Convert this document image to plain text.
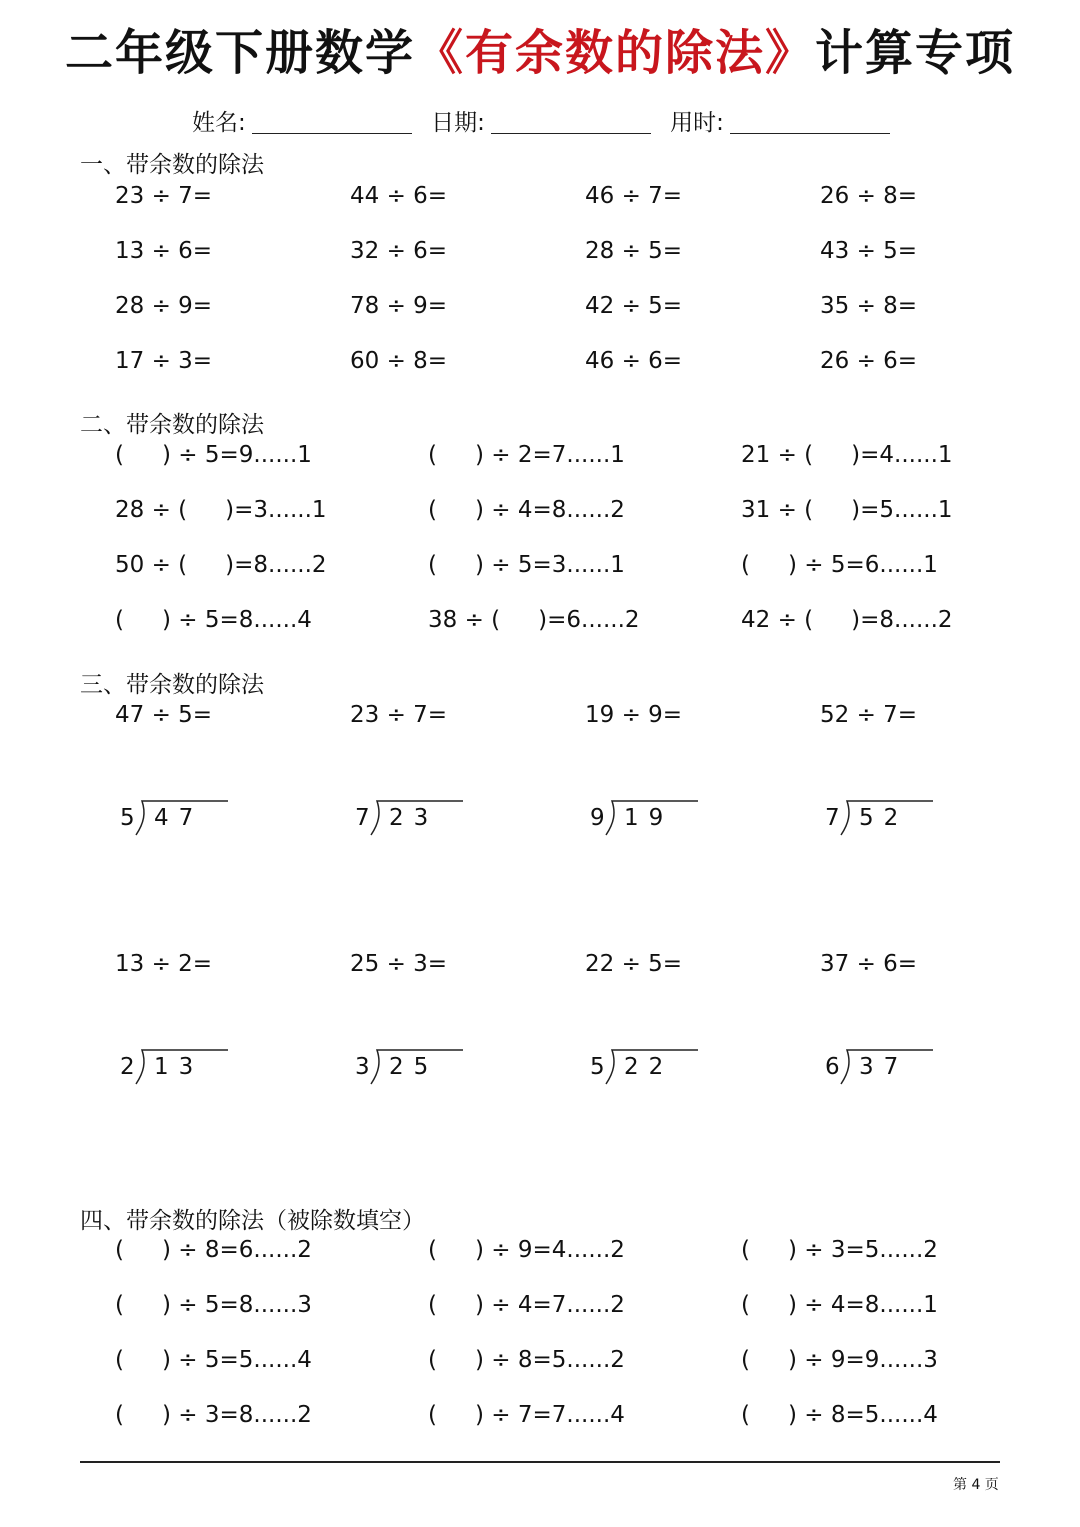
二年级下册数学《有余数的除法》计算专项
姓名:	日期:	用时:
一、带余数的除法
23 ÷ 7=	44 ÷ 6=	46 ÷ 7=	26 ÷ 8=
13 ÷ 6=	32 ÷ 6=	28 ÷ 5=	43 ÷ 5=
28 ÷ 9=	78 ÷ 9=	42 ÷ 5=	35 ÷ 8=
17 ÷ 3=	60 ÷ 8=	46 ÷ 6=	26 ÷ 6=
二、带余数的除法
( ) ÷ 5=9......1	( ) ÷ 2=7......1	21 ÷ ( )=4......1
28 ÷ ( )=3......1	( ) ÷ 4=8......2	31 ÷ ( )=5......1
50 ÷ ( )=8......2	( ) ÷ 5=3......1	( ) ÷ 5=6......1
( ) ÷ 5=8......4	38 ÷ ( )=6......2	42 ÷ ( )=8......2
三、带余数的除法
47 ÷ 5=	23 ÷ 7=	19 ÷ 9=	52 ÷ 7=
5 47	7 23	9 19	7 52
13 ÷ 2=	25 ÷ 3=	22 ÷ 5=	37 ÷ 6=
2 13	3 25	5 22	6 37
四、带余数的除法（被除数填空）
( ) ÷ 8=6......2	( ) ÷ 9=4......2	( ) ÷ 3=5......2
( ) ÷ 5=8......3	( ) ÷ 4=7......2	( ) ÷ 4=8......1
( ) ÷ 5=5......4	( ) ÷ 8=5......2	( ) ÷ 9=9......3
( ) ÷ 3=8......2	( ) ÷ 7=7......4	( ) ÷ 8=5......4
第 4 页
